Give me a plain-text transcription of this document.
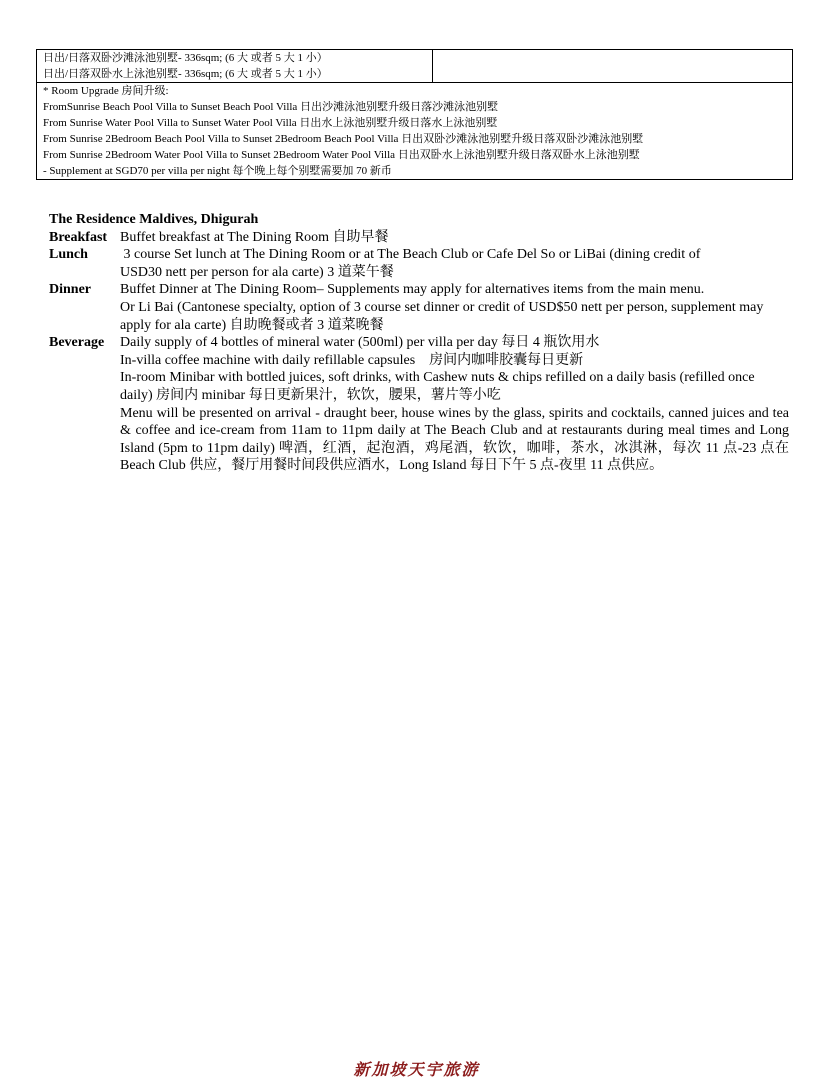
日出/日落双卧沙滩泳池别墅- 336sqm; (6 大 或者 5 大 1 小）
日出/日落双卧水上泳池别墅- 336sqm; (6 大 或者 5 大 1 小）

* Room Upgrade 房间升级:
FromSunrise Beach Pool Villa to Sunset Beach Pool Villa 日出沙滩泳池别墅升级日落沙滩泳池别墅
From Sunrise Water Pool Villa to Sunset Water Pool Villa 日出水上泳池别墅升级日落水上泳池别墅
From Sunrise 2Bedroom Beach Pool Villa to Sunset 2Bedroom Beach Pool Villa 日出双卧沙滩泳池别墅升级日落双卧沙滩泳池别墅
From Sunrise 2Bedroom Water Pool Villa to Sunset 2Bedroom Water Pool Villa 日出双卧水上泳池别墅升级日落双卧水上泳池别墅
- Supplement at SGD70 per villa per night 每个晚上每个别墅需要加 70 新币
The Residence Maldives, Dhigurah
Breakfast Buffet breakfast at The Dining Room 自助早餐
Lunch	3 course Set lunch at The Dining Room or at The Beach Club or Cafe Del So or LiBai (dining credit of
USD30 nett per person for ala carte) 3 道菜午餐
Dinner	Buffet Dinner at The Dining Room– Supplements may apply for alternatives items from the main menu.
Or Li Bai (Cantonese specialty, option of 3 course set dinner or credit of USD$50 nett per person, supplement may apply for ala carte) 自助晚餐或者 3 道菜晚餐
Beverage	Daily supply of 4 bottles of mineral water (500ml) per villa per day 每日 4 瓶饮用水
In-villa coffee machine with daily refillable capsules    房间内咖啡胶囊每日更新
In-room Minibar with bottled juices, soft drinks, with Cashew nuts & chips refilled on a daily basis (refilled once daily) 房间内 minibar 每日更新果汁，软饮，腰果，薯片等小吃
Menu will be presented on arrival - draught beer, house wines by the glass, spirits and cocktails, canned juices and tea & coffee and ice-cream from 11am to 11pm daily at The Beach Club and at restaurants during meal times and Long Island (5pm to 11pm daily) 啤酒，红酒，起泡酒，鸡尾酒，软饮，咖啡，茶水，冰淇淋，每次 11 点-23 点在 Beach Club 供应，餐厅用餐时间段供应酒水，Long Island 每日下午 5 点-夜里 11 点供应。
新加坡天宇旅游
